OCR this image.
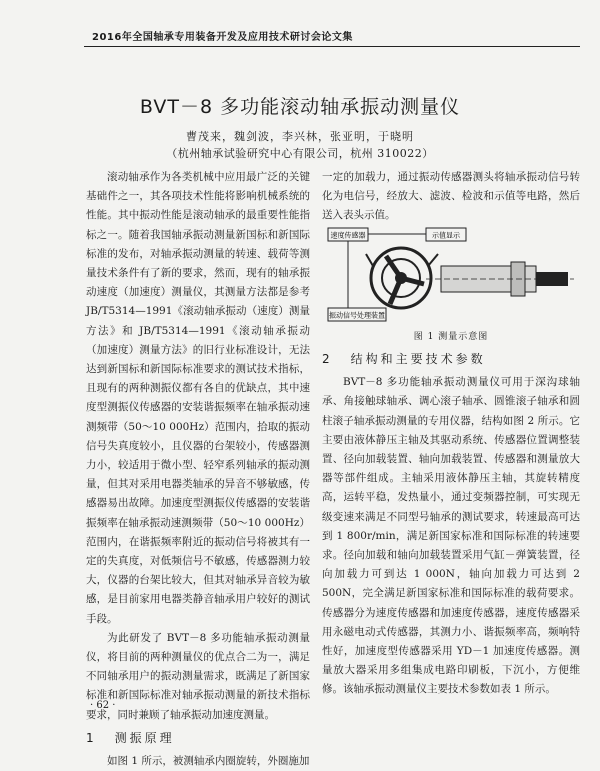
2016年全国轴承专用装备开发及应用技术研讨会论文集
BVT－8 多功能滚动轴承振动测量仪
曹茂来，魏剑波，李兴林，张亚明，于晓明
（杭州轴承试验研究中心有限公司，杭州 310022）

滚动轴承作为各类机械中应用最广泛的关键基础件之一，其各项技术性能将影响机械系统的性能。其中振动性能是滚动轴承的最重要性能指标之一。随着我国轴承振动测量新国标和新国际标准的发布，对轴承振动测量的转速、载荷等测量技术条件有了新的要求，然而，现有的轴承振动速度（加速度）测量仪，其测量方法都是参考 JB/T5314—1991《滚动轴承振动（速度）测量方法》和 JB/T5314—1991《滚动轴承振动（加速度）测量方法》的旧行业标准设计，无法达到新国标和新国际标准要求的测试技术指标，且现有的两种测振仪都有各自的优缺点，其中速度型测振仪传感器的安装谐振频率在轴承振动速测频带（50～10 000Hz）范围内，拾取的振动信号失真度较小，且仪器的台架较小，传感器测力小，较适用于微小型、轻窄系列轴承的振动测量，但其对采用电器类轴承的异音不够敏感，传感器易出故障。加速度型测振仪传感器的安装谐振频率在轴承振动速测频带（50～10 000Hz）范围内，在谐振频率附近的振动信号将被其有一定的失真度，对低频信号不敏感，传感器测力较大，仪器的台架比较大，但其对轴承异音较为敏感，是目前家用电器类静音轴承用户较好的测试手段。

为此研发了 BVT－8 多功能轴承振动测量仪，将目前的两种测量仪的优点合二为一，满足不同轴承用户的振动测量需求，既满足了新国家标准和新国际标准对轴承振动测量的新技术指标要求，同时兼顾了轴承振动加速度测量。

1 测振原理

如图 1 所示，被测轴承内圈旋转，外圈施加

一定的加载力，通过振动传感器测头将轴承振动信号转化为电信号，经放大、滤波、检波和示值等电路，然后送入表头示值。

速度传感器	示值显示
振动信号处理装置
图 1 测量示意图
2 结构和主要技术参数

BVT－8 多功能轴承振动测量仪可用于深沟球轴承、角接触球轴承、调心滚子轴承、圆锥滚子轴承和圆柱滚子轴承振动测量的专用仪器，结构如图 2 所示。它主要由液体静压主轴及其驱动系统、传感器位置调整装置、径向加载装置、轴向加载装置、传感器和测量放大器等部件组成。主轴采用液体静压主轴，其旋转精度高，运转平稳，发热量小，通过变频器控制，可实现无级变速来满足不同型号轴承的测试要求，转速最高可达到 1 800r/min，满足新国家标准和国际标准的转速要求。径向加载和轴向加载装置采用气缸－弹簧装置，径向加载力可到达 1 000N，轴向加载力可达到 2 500N，完全满足新国家标准和国际标准的载荷要求。传感器分为速度传感器和加速度传感器，速度传感器采用永磁电动式传感器，其测力小、谐振频率高，频响特性好，加速度型传感器采用 YD－1 加速度传感器。测量放大器采用多组集成电路印刷板，下沉小，方便维修。该轴承振动测量仪主要技术参数如表 1 所示。

· 62 ·
